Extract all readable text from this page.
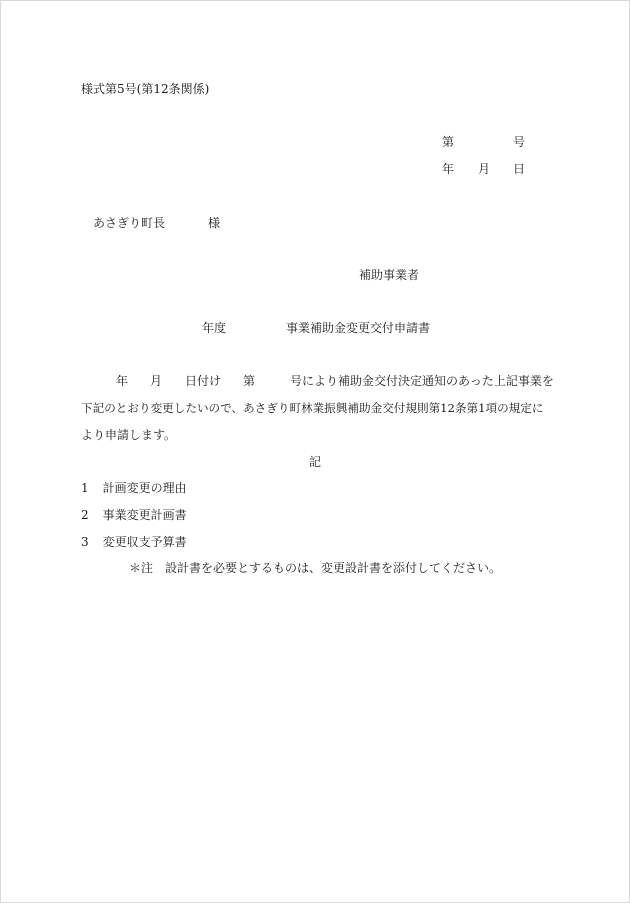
様式第5号(第12条関係)
第	号
年 月 日
あさぎり町長	様
補助事業者
年度	事業補助金変更交付申請書
年 月 日付け 第	号により補助金交付決定通知のあった上記事業を
下記のとおり変更したいので、あさぎり町林業振興補助金交付規則第12条第1項の規定に
より申請します。
記
1 計画変更の理由
2 事業変更計画書
3 変更収支予算書
＊注　設計書を必要とするものは、変更設計書を添付してください。
